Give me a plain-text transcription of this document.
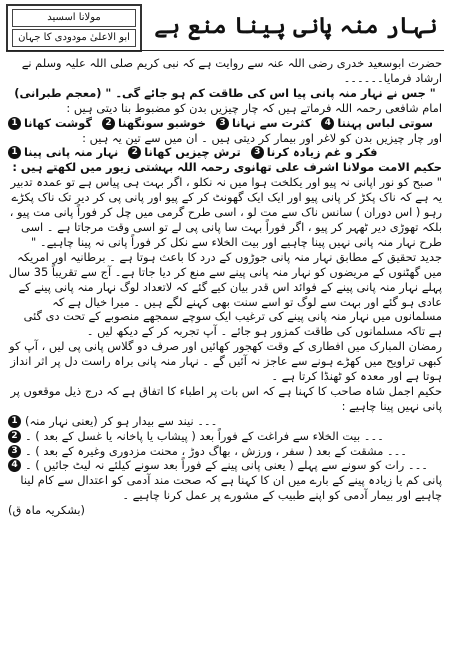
مولانا اسسید
ابو الاعلیٰ مودودی کا جہان نہار منہ پانی پینا منع ہے

حضرت ابوسعید خدری رضی اللہ عنہ سے روایت ہے کہ نبی کریم صلی اللہ علیہ وسلم نے ارشاد فرمایا۔۔۔۔۔۔

" جس نے نہار منہ پانی پیا اس کی طاقت کم ہو جائے گی۔ " (معجم طبرانی)

امام شافعی رحمہ اللہ فرماتے ہیں کہ چار چیزیں بدن کو مضبوط بنا دیتی ہیں :

1 گوشت کھانا	2 خوشبو سونگھنا	3 کثرت سے نہانا	4 سوتی لباس پہننا

اور چار چیزیں بدن کو لاغر اور بیمار کر دیتی ہیں ۔ ان میں سے تین یہ ہیں :

1 نہار منہ پانی پینا	2 ترش چیزیں کھانا	3 فکر و غم زیادہ کرنا

حکیم الامت مولانا اشرف علی تھانوی رحمہ اللہ بہشتی زیور میں لکھتے ہیں :

" صبح کو نور اپانی نہ پیو اور یکلخت ہوا میں نہ نکلو ، اگر بہت ہی پیاس ہے تو عمدہ تدبیر یہ ہے کہ ناک پکڑ کر پانی پیو اور ایک ایک گھونٹ کر کے پیو اور پانی پی کر دیر تک ناک پکڑے رہو ( اس دوران ) سانس ناک سے مت لو ، اسی طرح گرمی میں چل کر فوراً پانی مت پیو ، بلکہ تھوڑی دیر ٹھہر کر پیو ، اگر فوراً بہت سا پانی پی لے تو اسی وقت مرجاتا ہے ۔ اسی طرح نہار منہ پانی نہیں پینا چاہیے اور بیت الخلاء سے نکل کر فوراً پانی نہ پینا چاہیے۔ "

جدید تحقیق کے مطابق نہار منہ پانی جوڑوں کے درد کا باعث ہوتا ہے ۔ برطانیہ اور امریکہ میں گھٹنوں کے مریضوں کو نہار منہ پانی پینے سے منع کر دیا جاتا ہے۔ آج سے تقریباً 35 سال پہلے نہار منہ پانی پینے کے فوائد اس قدر بیان کیے گئے کہ لاتعداد لوگ نہار منہ پانی پینے کے عادی ہو گئے اور بہت سے لوگ تو اسے سنت بھی کہنے لگے ہیں ۔ میرا خیال ہے کہ مسلمانوں میں نہار منہ پانی پینے کی ترغیب ایک سوچے سمجھے منصوبے کے تحت دی گئی ہے تاکہ مسلمانوں کی طاقت کمزور ہو جائے ۔ آپ تجربہ کر کے دیکھ لیں ۔

رمضان المبارک میں افطاری کے وقت کھجور کھائیں اور صرف دو گلاس پانی پی لیں ، آپ کو کبھی تراویح میں کھڑے ہونے سے عاجز نہ آئیں گے ۔ نہار منہ پانی براہ راست دل پر اثر انداز ہوتا ہے اور معدہ کو ٹھنڈا کرتا ہے ۔

حکیم اجمل شاہ صاحب کا کہنا ہے کہ اس بات پر اطباء کا اتفاق ہے کہ درج ذیل موقعوں پر پانی نہیں پینا چاہیے :

1 ۔۔۔ نیند سے بیدار ہو کر (یعنی نہار منہ)

2 ۔۔۔ بیت الخلاء سے فراغت کے فوراً بعد ( پیشاب یا پاخانہ یا غسل کے بعد ) ۔

3 ۔۔۔ مشقت کے بعد ( سفر ، ورزش ، بھاگ دوڑ ، محنت مزدوری وغیرہ کے بعد ) ۔

4 ۔۔۔ رات کو سونے سے پہلے ( یعنی پانی پینے کے فوراً بعد سونے کیلئے نہ لیٹ جائیں ) ۔

پانی کم یا زیادہ پینے کے بارے میں ان کا کہنا ہے کہ صحت مند آدمی کو اعتدال سے کام لینا چاہیے اور بیمار آدمی کو اپنے طبیب کے مشورے پر عمل کرنا چاہیے ۔

(بشکریہ ماہ ق)
